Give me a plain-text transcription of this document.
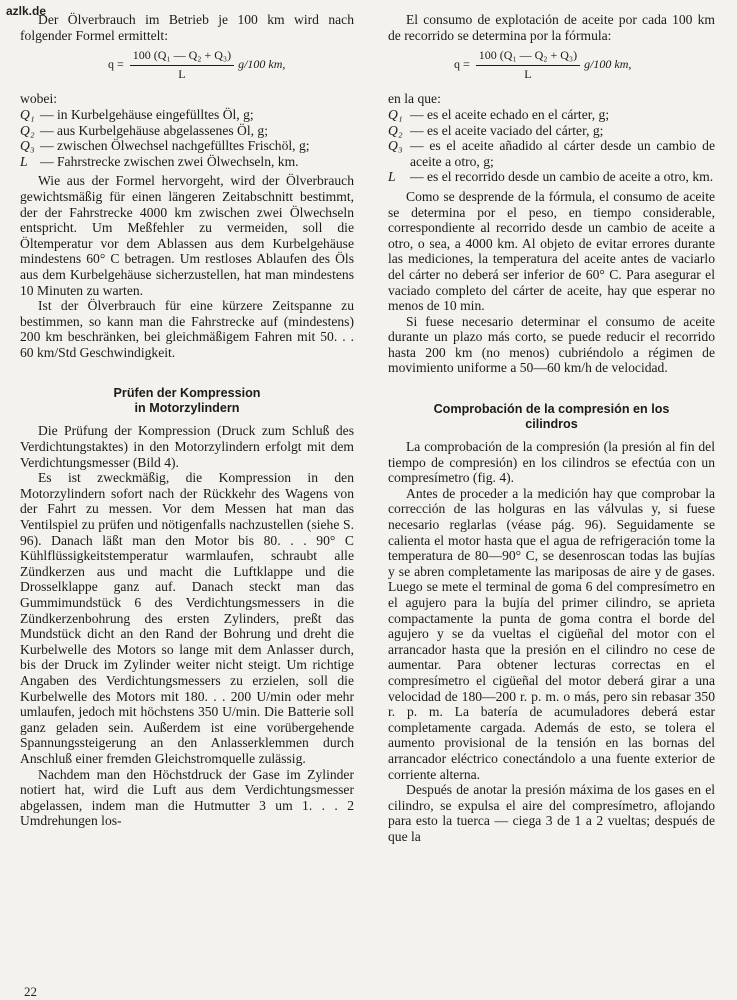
azlk.de

Der Ölverbrauch im Betrieb je 100 km wird nach folgender Formel ermittelt:

$q = \frac{\text{100 (Q₁ — Q₂ + Q₃)}}{L} g/100$ km,

wobei:

Q₁ — in Kurbelgehäuse eingefülltes Öl, g;
Q₂ — aus Kurbelgehäuse abgelassenes Öl, g;
Q₃ — zwischen Ölwechsel nachgefülltes Frischöl, g;
L — Fahrstrecke zwischen zwei Ölwechseln, km.

Wie aus der Formel hervorgeht, wird der Ölverbrauch gewichtsmäßig für einen längeren Zeitabschnitt bestimmt, der der Fahrstrecke 4000 km zwischen zwei Ölwechseln entspricht. Um Meßfehler zu vermeiden, soll die Öltemperatur vor dem Ablassen aus dem Kurbelgehäuse mindestens 60° C betragen. Um restloses Ablaufen des Öls aus dem Kurbelgehäuse sicherzustellen, hat man mindestens 10 Minuten zu warten.

Ist der Ölverbrauch für eine kürzere Zeitspanne zu bestimmen, so kann man die Fahrstrecke auf (mindestens) 200 km beschränken, bei gleichmäßigem Fahren mit 50. . . 60 km/Std Geschwindigkeit.

Prüfen der Kompression
in Motorzylindern

Die Prüfung der Kompression (Druck zum Schluß des Verdichtungstaktes) in den Motorzylindern erfolgt mit dem Verdichtungsmesser (Bild 4).

Es ist zweckmäßig, die Kompression in den Motorzylindern sofort nach der Rückkehr des Wagens von der Fahrt zu messen. Vor dem Messen hat man das Ventilspiel zu prüfen und nötigenfalls nachzustellen (siehe S. 96). Danach läßt man den Motor bis 80. . . 90° C Kühlflüssigkeitstemperatur warmlaufen, schraubt alle Zündkerzen aus und macht die Luftklappe und die Drosselklappe ganz auf. Danach steckt man das Gummimundstück 6 des Verdichtungsmessers in die Zündkerzenbohrung des ersten Zylinders, preßt das Mundstück dicht an den Rand der Bohrung und dreht die Kurbelwelle des Motors so lange mit dem Anlasser durch, bis der Druck im Zylinder weiter nicht steigt. Um richtige Angaben des Verdichtungsmessers zu erzielen, soll die Kurbelwelle des Motors mit 180. . . 200 U/min oder mehr umlaufen, jedoch mit höchstens 350 U/min. Die Batterie soll ganz geladen sein. Außerdem ist eine vorübergehende Spannungssteigerung an den Anlasserklemmen durch Anschluß einer fremden Gleichstromquelle zulässig.

Nachdem man den Höchstdruck der Gase im Zylinder notiert hat, wird die Luft aus dem Verdichtungsmesser abgelassen, indem man die Hutmutter 3 um 1. . . 2 Umdrehungen los-

El consumo de explotación de aceite por cada 100 km de recorrido se determina por la fórmula:

$q = \frac{\text{100 (Q₁ — Q₂ + Q₃)}}{L} g/100$ km,

en la que:

Q₁ — es el aceite echado en el cárter, g;
Q₂ — es el aceite vaciado del cárter, g;
Q₃ — es el aceite añadido al cárter desde un cambio de aceite a otro, g;
L	— es el recorrido desde un cambio de aceite a otro, km.

Como se desprende de la fórmula, el consumo de aceite se determina por el peso, en tiempo considerable, correspondiente al recorrido desde un cambio de aceite a otro, o sea, a 4000 km. Al objeto de evitar errores durante las mediciones, la temperatura del aceite antes de vaciarlo del cárter no deberá ser inferior de 60° C. Para asegurar el vaciado completo del cárter de aceite, hay que esperar no menos de 10 min.

Si fuese necesario determinar el consumo de aceite durante un plazo más corto, se puede reducir el recorrido hasta 200 km (no menos) cubriéndolo a régimen de movimiento uniforme a 50—60 km/h de velocidad.

Comprobación de la compresión en los
cilindros

La comprobación de la compresión (la presión al fin del tiempo de compresión) en los cilindros se efectúa con un compresímetro (fig. 4).

Antes de proceder a la medición hay que comprobar la corrección de las holguras en las válvulas y, si fuese necesario reglarlas (véase pág. 96). Seguidamente se calienta el motor hasta que el agua de refrigeración tome la temperatura de 80—90° C, se desenroscan todas las bujías y se abren completamente las mariposas de aire y de gases. Luego se mete el terminal de goma 6 del compresímetro en el agujero para la bujía del primer cilindro, se aprieta compactamente la punta de goma contra el borde del agujero y se da vueltas el cigüeñal del motor con el arrancador hasta que la presión en el cilindro no cese de aumentar. Para obtener lecturas correctas en el compresímetro el cigüeñal del motor deberá girar a una velocidad de 180—200 r. p. m. o más, pero sin rebasar 350 r. p. m. La batería de acumuladores deberá estar completamente cargada. Además de esto, se tolera el aumento provisional de la tensión en las bornas del arrancador eléctrico conectándolo a una fuente exterior de corriente alterna.

Después de anotar la presión máxima de los gases en el cilindro, se expulsa el aire del compresímetro, aflojando para esto la tuerca — ciega 3 de 1 a 2 vueltas; después de que la

22
